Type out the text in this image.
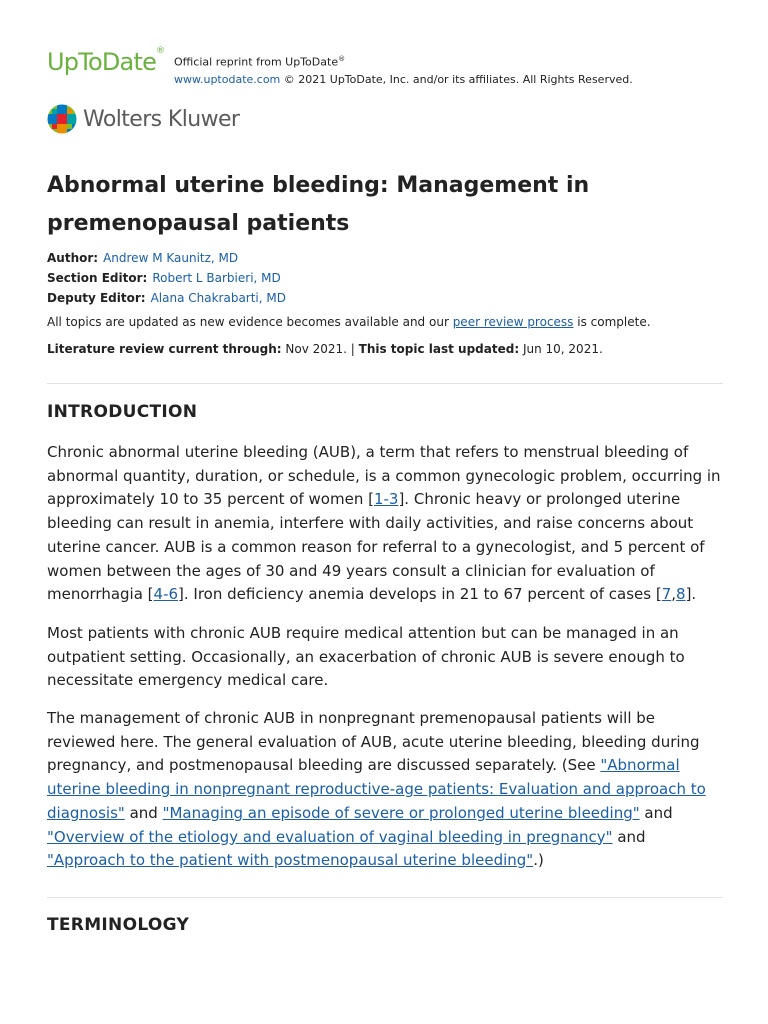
UpToDate®
Official reprint from UpToDate®
www.uptodate.com © 2021 UpToDate, Inc. and/or its affiliates. All Rights Reserved.
Wolters Kluwer
Abnormal uterine bleeding: Management in premenopausal patients
Author: Andrew M Kaunitz, MD
Section Editor: Robert L Barbieri, MD
Deputy Editor: Alana Chakrabarti, MD
All topics are updated as new evidence becomes available and our peer review process is complete.
Literature review current through: Nov 2021. | This topic last updated: Jun 10, 2021.
INTRODUCTION

Chronic abnormal uterine bleeding (AUB), a term that refers to menstrual bleeding of abnormal quantity, duration, or schedule, is a common gynecologic problem, occurring in approximately 10 to 35 percent of women [1-3]. Chronic heavy or prolonged uterine bleeding can result in anemia, interfere with daily activities, and raise concerns about uterine cancer. AUB is a common reason for referral to a gynecologist, and 5 percent of women between the ages of 30 and 49 years consult a clinician for evaluation of menorrhagia [4-6]. Iron deficiency anemia develops in 21 to 67 percent of cases [7,8].

Most patients with chronic AUB require medical attention but can be managed in an outpatient setting. Occasionally, an exacerbation of chronic AUB is severe enough to necessitate emergency medical care.

The management of chronic AUB in nonpregnant premenopausal patients will be reviewed here. The general evaluation of AUB, acute uterine bleeding, bleeding during pregnancy, and postmenopausal bleeding are discussed separately. (See "Abnormal uterine bleeding in nonpregnant reproductive-age patients: Evaluation and approach to diagnosis" and "Managing an episode of severe or prolonged uterine bleeding" and "Overview of the etiology and evaluation of vaginal bleeding in pregnancy" and "Approach to the patient with postmenopausal uterine bleeding".)

TERMINOLOGY
